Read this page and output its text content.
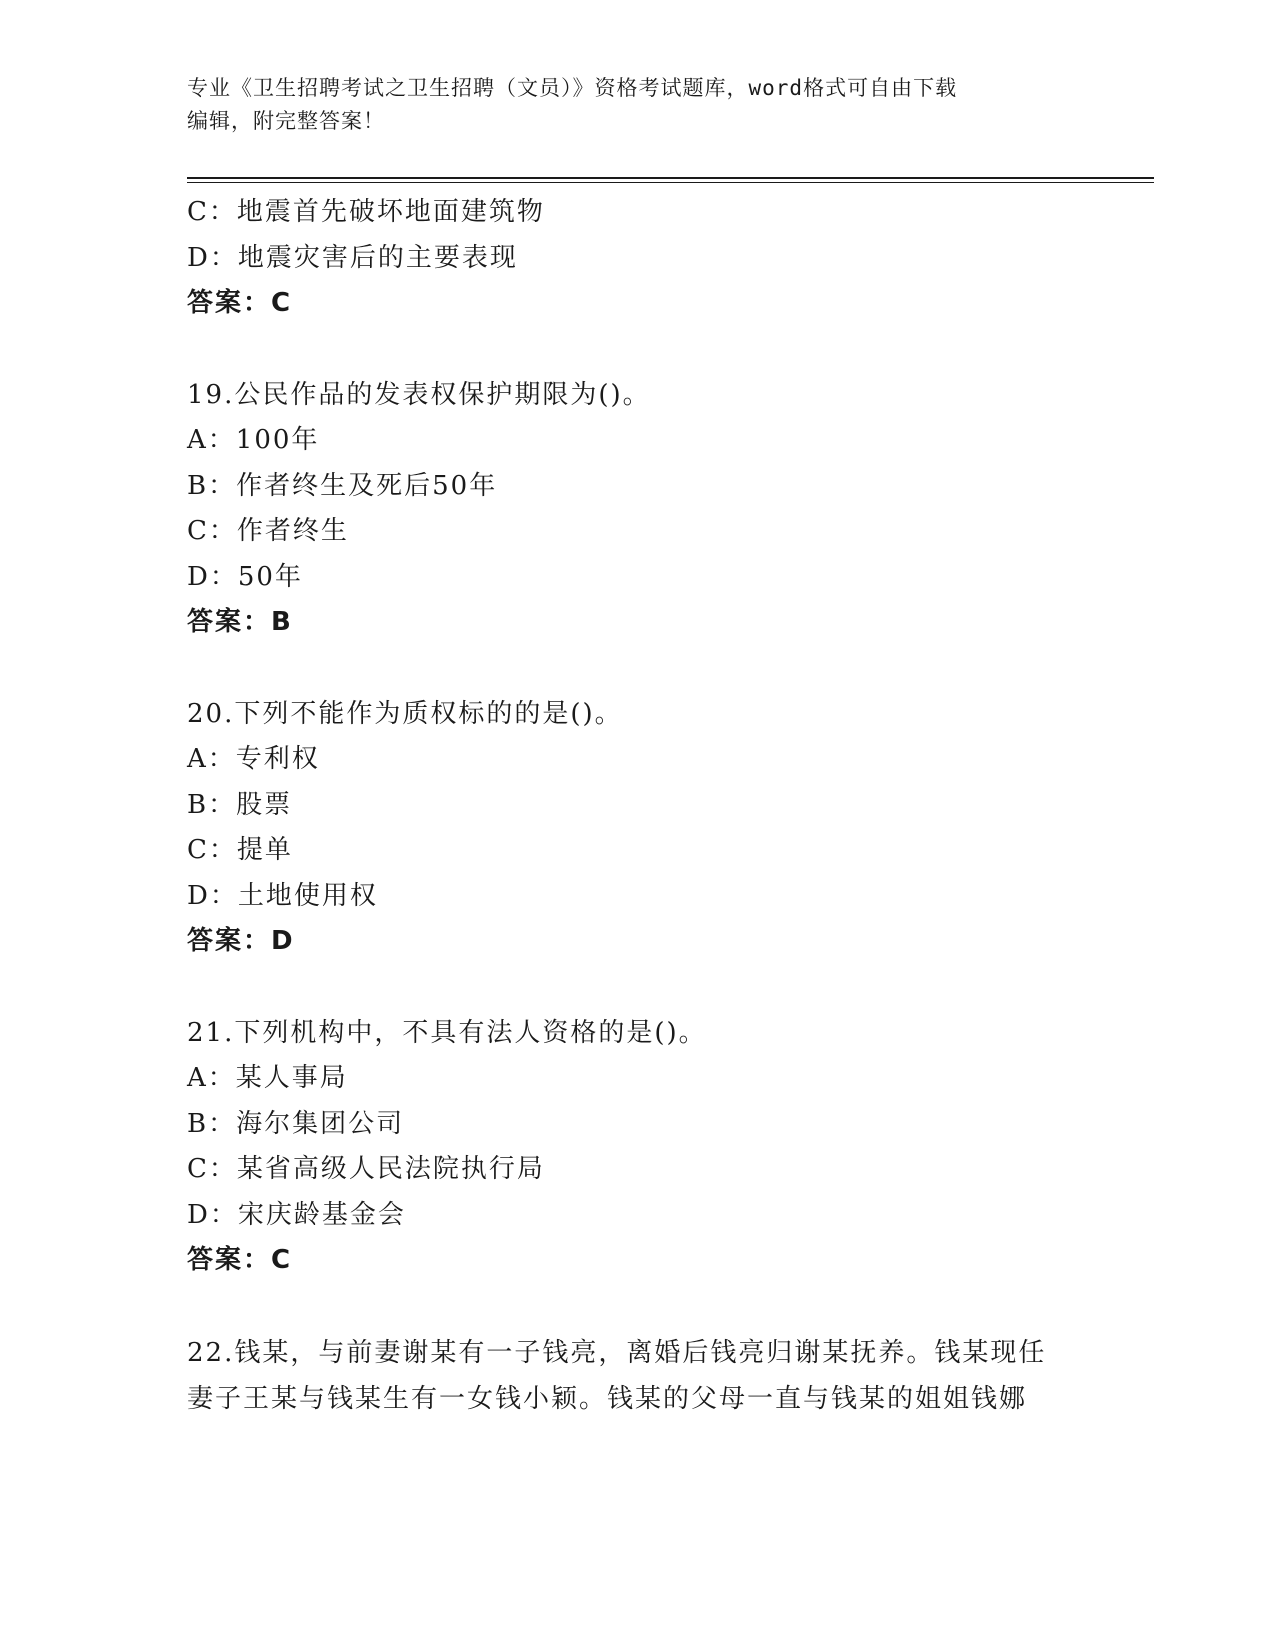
专业《卫生招聘考试之卫生招聘（文员）》资格考试题库，word格式可自由下载
编辑，附完整答案！
C：地震首先破坏地面建筑物
D：地震灾害后的主要表现
答案：C
19.公民作品的发表权保护期限为()。
A：100年
B：作者终生及死后50年
C：作者终生
D：50年
答案：B
20.下列不能作为质权标的的是()。
A：专利权
B：股票
C：提单
D：土地使用权
答案：D
21.下列机构中，不具有法人资格的是()。
A：某人事局
B：海尔集团公司
C：某省高级人民法院执行局
D：宋庆龄基金会
答案：C
22.钱某，与前妻谢某有一子钱亮，离婚后钱亮归谢某抚养。钱某现任
妻子王某与钱某生有一女钱小颖。钱某的父母一直与钱某的姐姐钱娜
